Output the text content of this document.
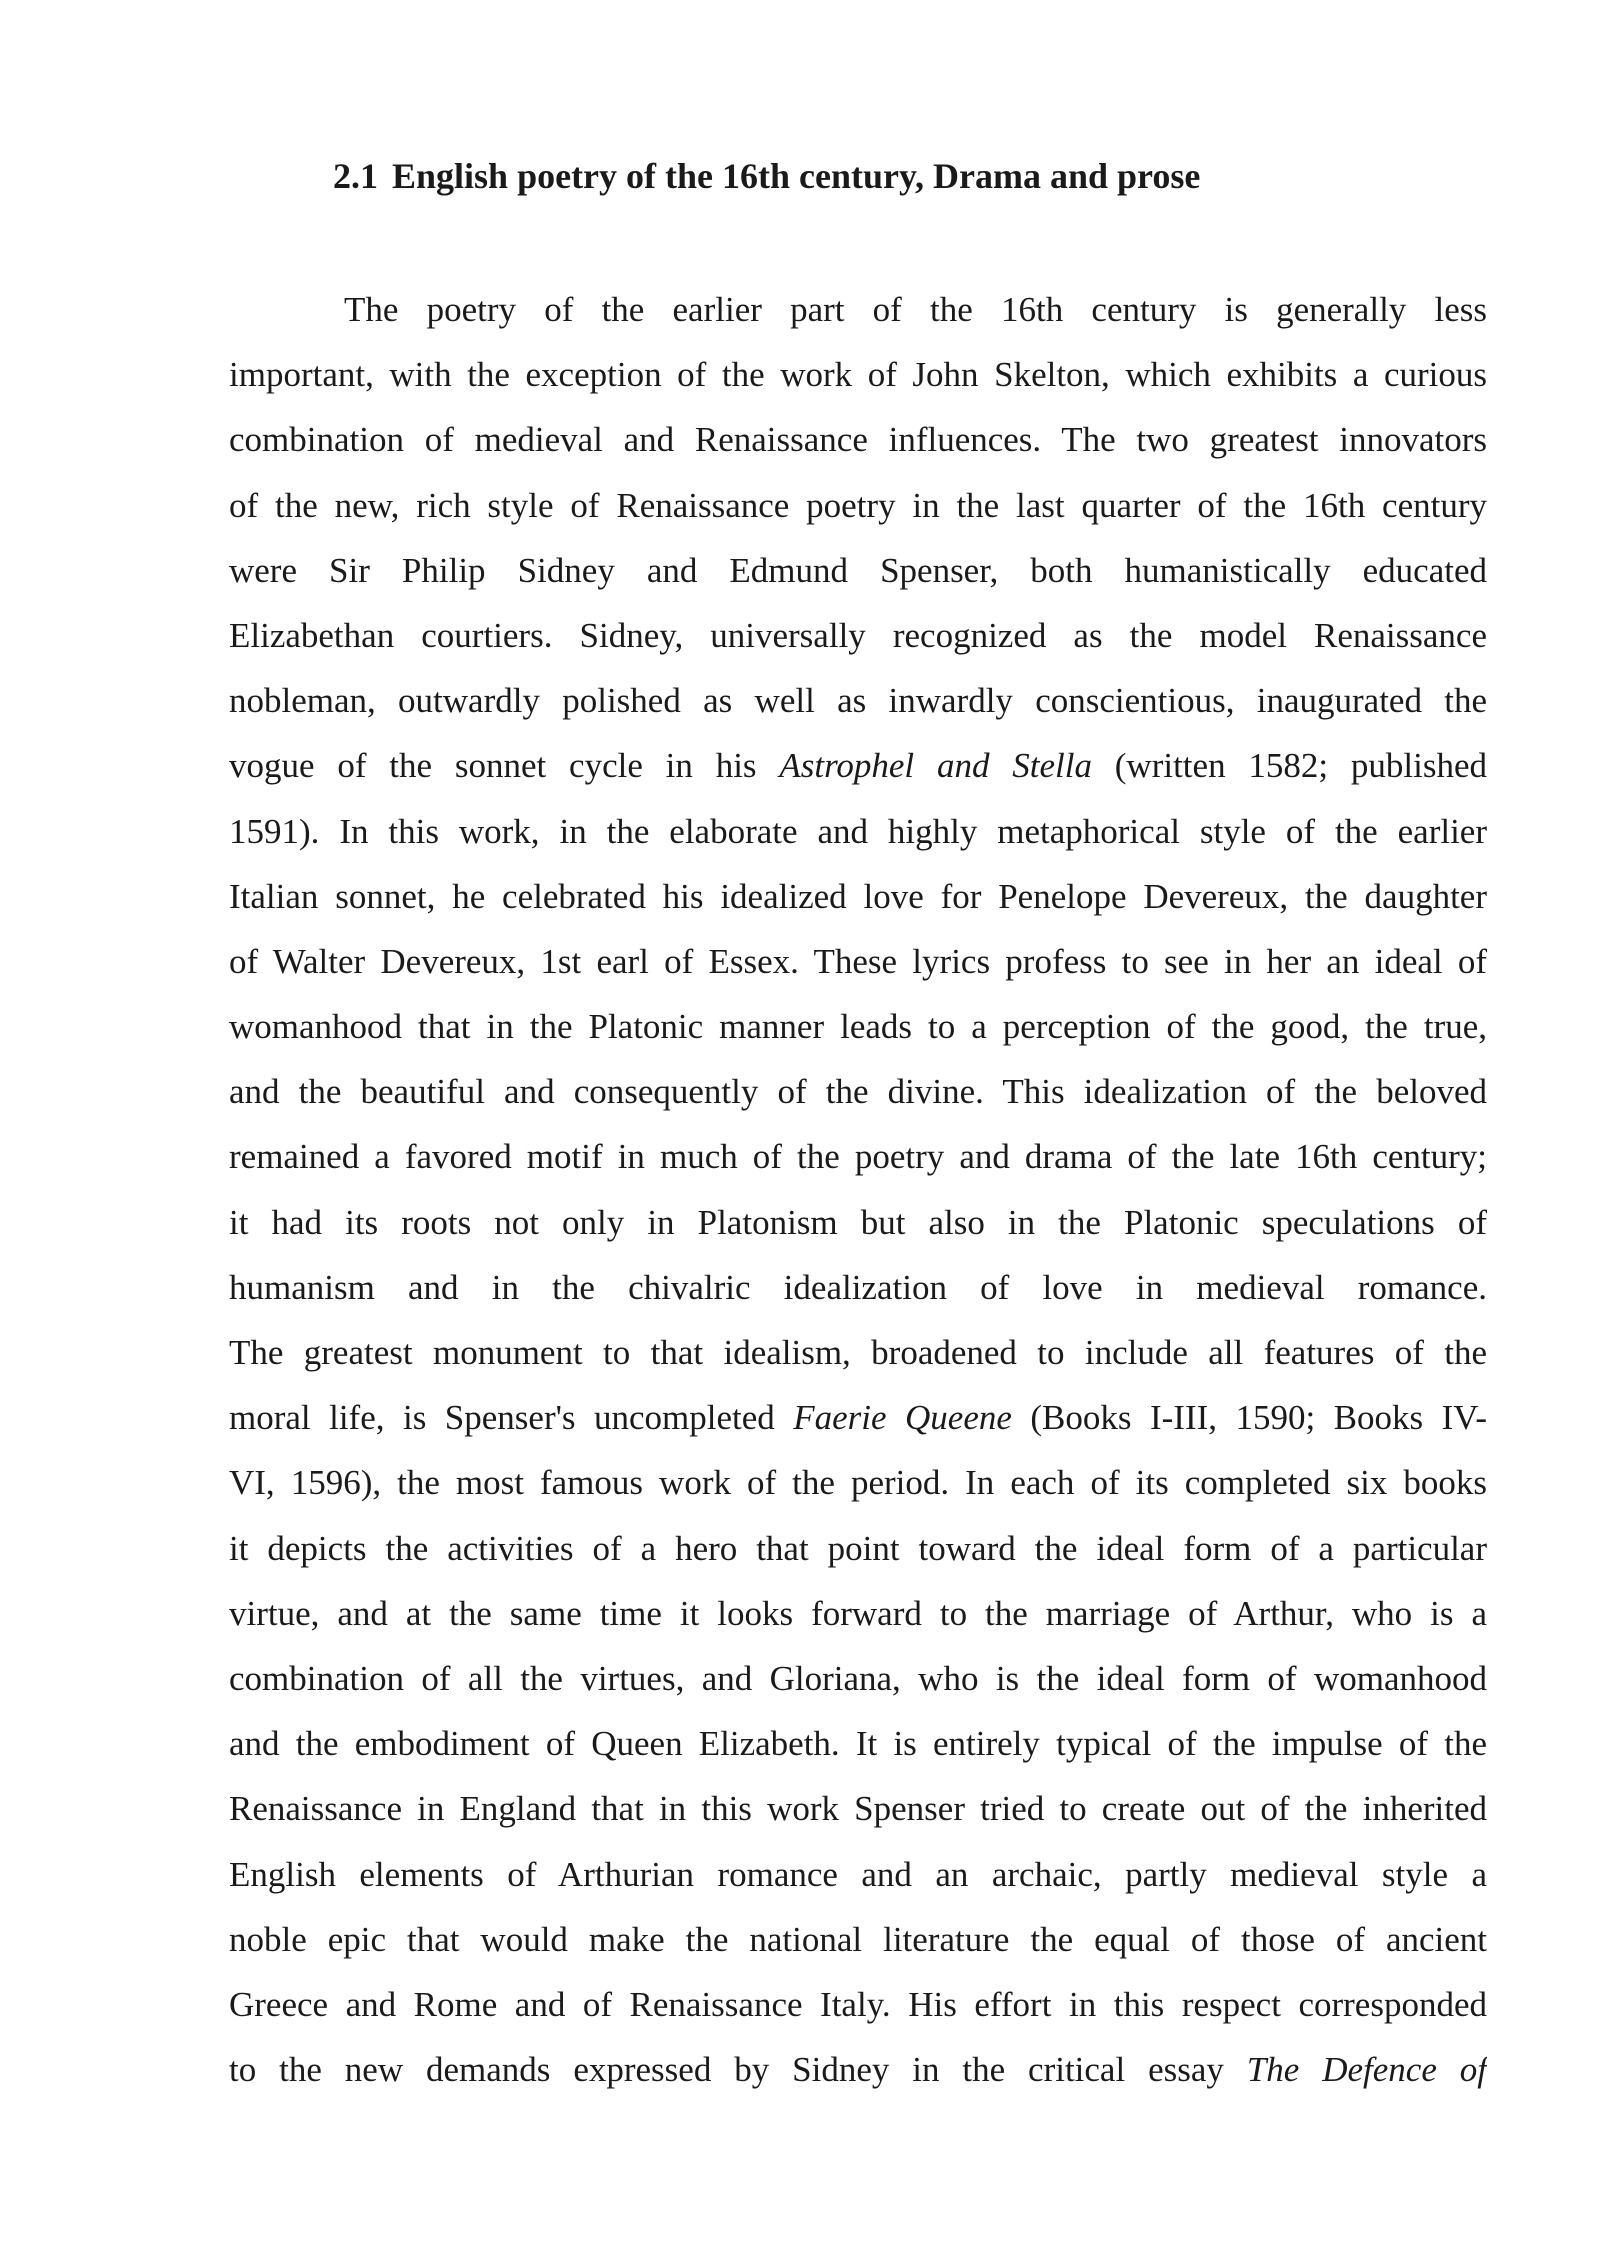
2.1 English poetry of the 16th century, Drama and prose
The poetry of the earlier part of the 16th century is generally less
important, with the exception of the work of John Skelton, which exhibits a curious
combination of medieval and Renaissance influences. The two greatest innovators
of the new, rich style of Renaissance poetry in the last quarter of the 16th century
were Sir Philip Sidney and Edmund Spenser, both humanistically educated
Elizabethan courtiers. Sidney, universally recognized as the model Renaissance
nobleman, outwardly polished as well as inwardly conscientious, inaugurated the
vogue of the sonnet cycle in his Astrophel and Stella (written 1582; published
1591). In this work, in the elaborate and highly metaphorical style of the earlier
Italian sonnet, he celebrated his idealized love for Penelope Devereux, the daughter
of Walter Devereux, 1st earl of Essex. These lyrics profess to see in her an ideal of
womanhood that in the Platonic manner leads to a perception of the good, the true,
and the beautiful and consequently of the divine. This idealization of the beloved
remained a favored motif in much of the poetry and drama of the late 16th century;
it had its roots not only in Platonism but also in the Platonic speculations of
humanism and in the chivalric idealization of love in medieval romance.
The greatest monument to that idealism, broadened to include all features of the
moral life, is Spenser's uncompleted Faerie Queene (Books I-III, 1590; Books IV-
VI, 1596), the most famous work of the period. In each of its completed six books
it depicts the activities of a hero that point toward the ideal form of a particular
virtue, and at the same time it looks forward to the marriage of Arthur, who is a
combination of all the virtues, and Gloriana, who is the ideal form of womanhood
and the embodiment of Queen Elizabeth. It is entirely typical of the impulse of the
Renaissance in England that in this work Spenser tried to create out of the inherited
English elements of Arthurian romance and an archaic, partly medieval style a
noble epic that would make the national literature the equal of those of ancient
Greece and Rome and of Renaissance Italy. His effort in this respect corresponded
to the new demands expressed by Sidney in the critical essay The Defence of
